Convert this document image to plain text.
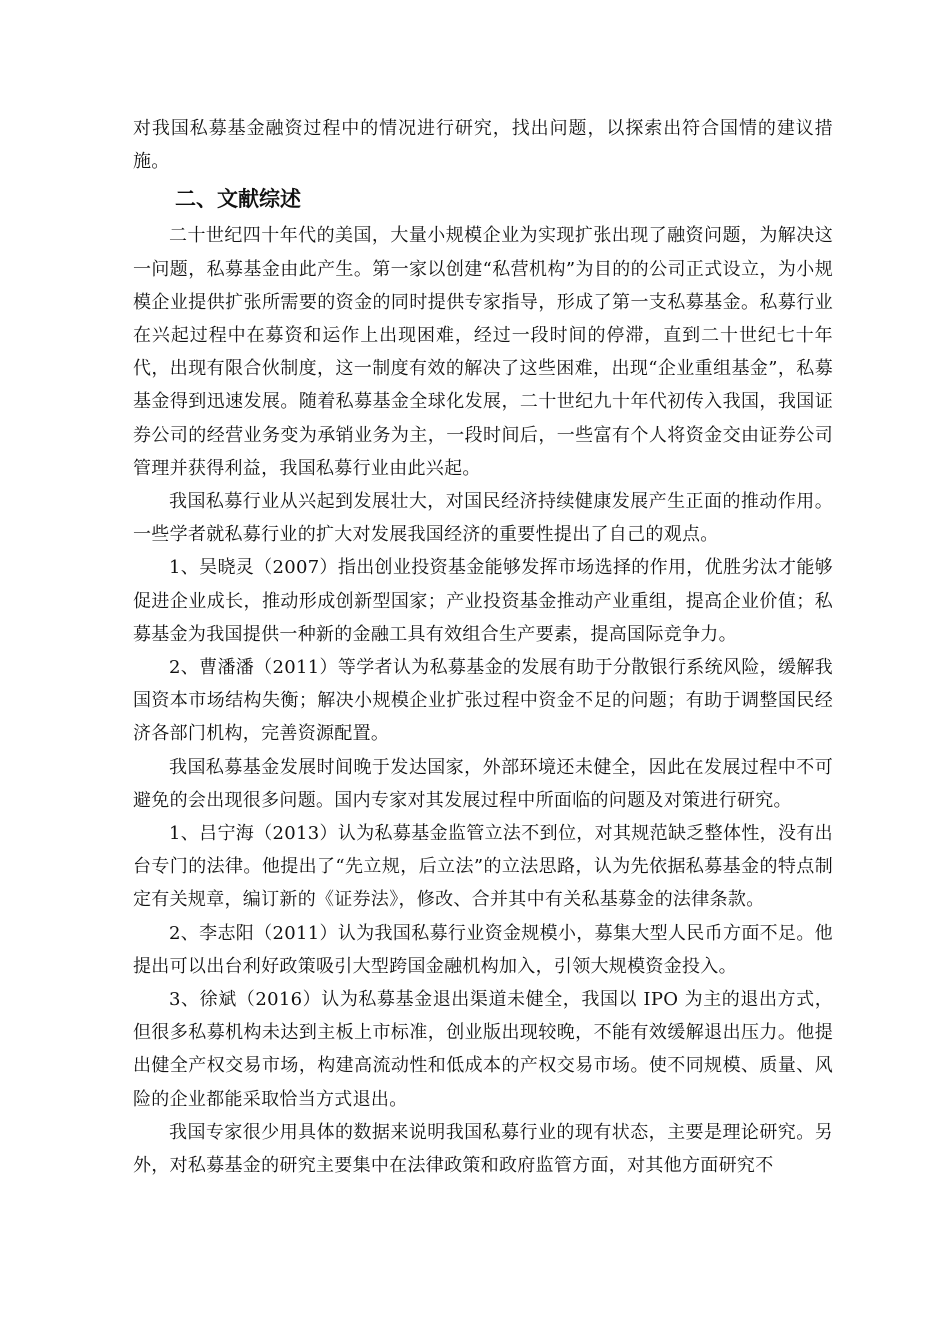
对我国私募基金融资过程中的情况进行研究，找出问题，以探索出符合国情的建议措施。

二、文献综述

二十世纪四十年代的美国，大量小规模企业为实现扩张出现了融资问题，为解决这一问题，私募基金由此产生。第一家以创建“私营机构”为目的的公司正式设立，为小规模企业提供扩张所需要的资金的同时提供专家指导，形成了第一支私募基金。私募行业在兴起过程中在募资和运作上出现困难，经过一段时间的停滞，直到二十世纪七十年代，出现有限合伙制度，这一制度有效的解决了这些困难，出现“企业重组基金”，私募基金得到迅速发展。随着私募基金全球化发展，二十世纪九十年代初传入我国，我国证券公司的经营业务变为承销业务为主，一段时间后，一些富有个人将资金交由证券公司管理并获得利益，我国私募行业由此兴起。

我国私募行业从兴起到发展壮大，对国民经济持续健康发展产生正面的推动作用。一些学者就私募行业的扩大对发展我国经济的重要性提出了自己的观点。

1、吴晓灵（2007）指出创业投资基金能够发挥市场选择的作用，优胜劣汰才能够促进企业成长，推动形成创新型国家；产业投资基金推动产业重组，提高企业价值；私募基金为我国提供一种新的金融工具有效组合生产要素，提高国际竞争力。

2、曹潘潘（2011）等学者认为私募基金的发展有助于分散银行系统风险，缓解我国资本市场结构失衡；解决小规模企业扩张过程中资金不足的问题；有助于调整国民经济各部门机构，完善资源配置。

我国私募基金发展时间晚于发达国家，外部环境还未健全，因此在发展过程中不可避免的会出现很多问题。国内专家对其发展过程中所面临的问题及对策进行研究。

1、吕宁海（2013）认为私募基金监管立法不到位，对其规范缺乏整体性，没有出台专门的法律。他提出了“先立规，后立法”的立法思路，认为先依据私募基金的特点制定有关规章，编订新的《证券法》，修改、合并其中有关私基募金的法律条款。

2、李志阳（2011）认为我国私募行业资金规模小，募集大型人民币方面不足。他提出可以出台利好政策吸引大型跨国金融机构加入，引领大规模资金投入。

3、徐斌（2016）认为私募基金退出渠道未健全，我国以 IPO 为主的退出方式，但很多私募机构未达到主板上市标准，创业版出现较晚，不能有效缓解退出压力。他提出健全产权交易市场，构建高流动性和低成本的产权交易市场。使不同规模、质量、风险的企业都能采取恰当方式退出。

我国专家很少用具体的数据来说明我国私募行业的现有状态，主要是理论研究。另外，对私募基金的研究主要集中在法律政策和政府监管方面，对其他方面研究不
